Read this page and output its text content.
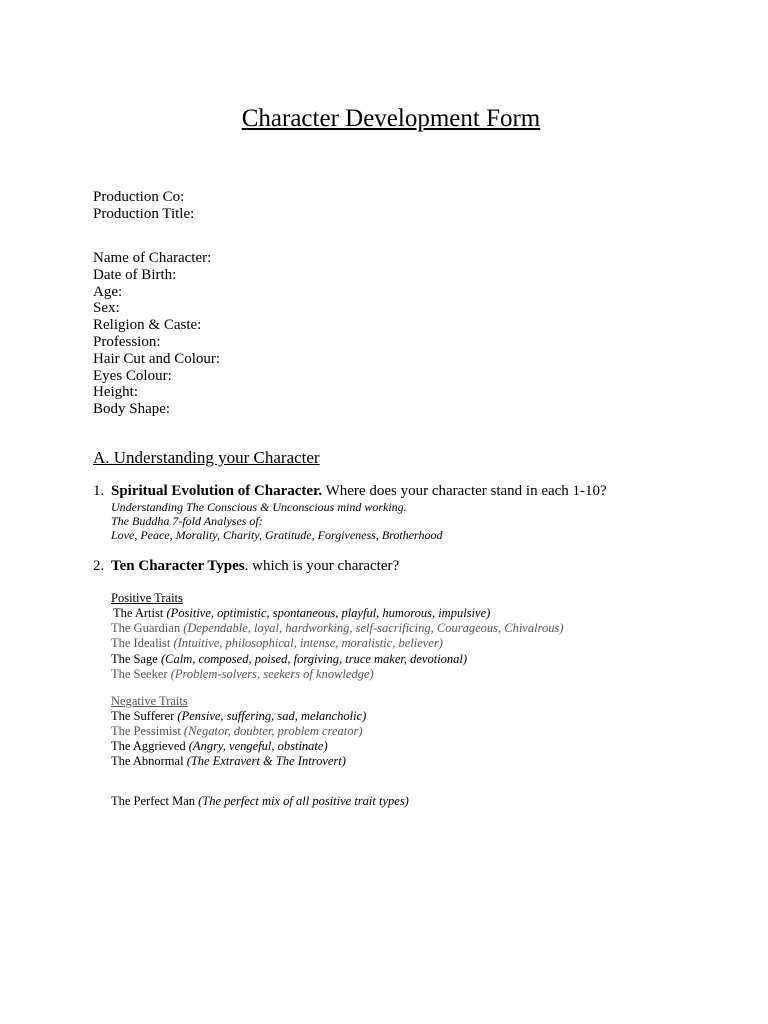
Character Development Form
Production Co:
Production Title:
Name of Character:
Date of Birth:
Age:
Sex:
Religion & Caste:
Profession:
Hair Cut and Colour:
Eyes Colour:
Height:
Body Shape:
A. Understanding your Character
1. Spiritual Evolution of Character. Where does your character stand in each 1-10?
Understanding The Conscious & Unconscious mind working.
The Buddha 7-fold Analyses of:
Love, Peace, Morality, Charity, Gratitude, Forgiveness, Brotherhood
2. Ten Character Types. which is your character?
Positive Traits
The Artist (Positive, optimistic, spontaneous, playful, humorous, impulsive)
The Guardian (Dependable, loyal, hardworking, self-sacrificing, Courageous, Chivalrous)
The Idealist (Intuitive, philosophical, intense, moralistic, believer)
The Sage (Calm, composed, poised, forgiving, truce maker, devotional)
The Seeker (Problem-solvers, seekers of knowledge)
Negative Traits
The Sufferer (Pensive, suffering, sad, melancholic)
The Pessimist (Negator, doubter, problem creator)
The Aggrieved (Angry, vengeful, obstinate)
The Abnormal (The Extravert & The Introvert)
The Perfect Man (The perfect mix of all positive trait types)
